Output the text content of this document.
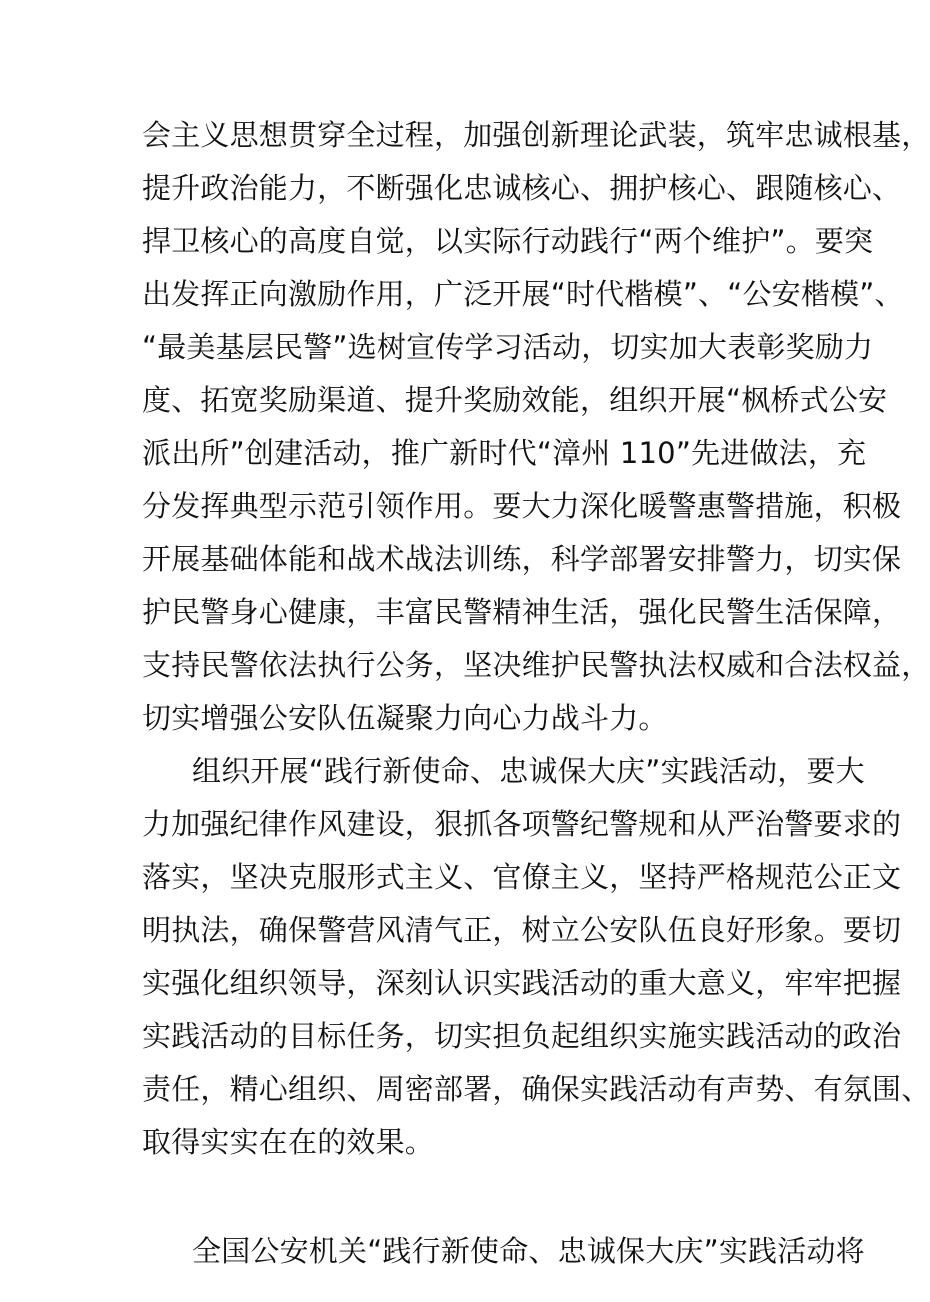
会主义思想贯穿全过程，加强创新理论武装，筑牢忠诚根基，
提升政治能力，不断强化忠诚核心、拥护核心、跟随核心、
捍卫核心的高度自觉，以实际行动践行“两个维护”。要突
出发挥正向激励作用，广泛开展“时代楷模”、“公安楷模”、
“最美基层民警”选树宣传学习活动，切实加大表彰奖励力
度、拓宽奖励渠道、提升奖励效能，组织开展“枫桥式公安
派出所”创建活动，推广新时代“漳州 110”先进做法，充
分发挥典型示范引领作用。要大力深化暖警惠警措施，积极
开展基础体能和战术战法训练，科学部署安排警力，切实保
护民警身心健康，丰富民警精神生活，强化民警生活保障，
支持民警依法执行公务，坚决维护民警执法权威和合法权益，
切实增强公安队伍凝聚力向心力战斗力。
组织开展“践行新使命、忠诚保大庆”实践活动，要大
力加强纪律作风建设，狠抓各项警纪警规和从严治警要求的
落实，坚决克服形式主义、官僚主义，坚持严格规范公正文
明执法，确保警营风清气正，树立公安队伍良好形象。要切
实强化组织领导，深刻认识实践活动的重大意义，牢牢把握
实践活动的目标任务，切实担负起组织实施实践活动的政治
责任，精心组织、周密部署，确保实践活动有声势、有氛围、
取得实实在在的效果。
全国公安机关“践行新使命、忠诚保大庆”实践活动将
